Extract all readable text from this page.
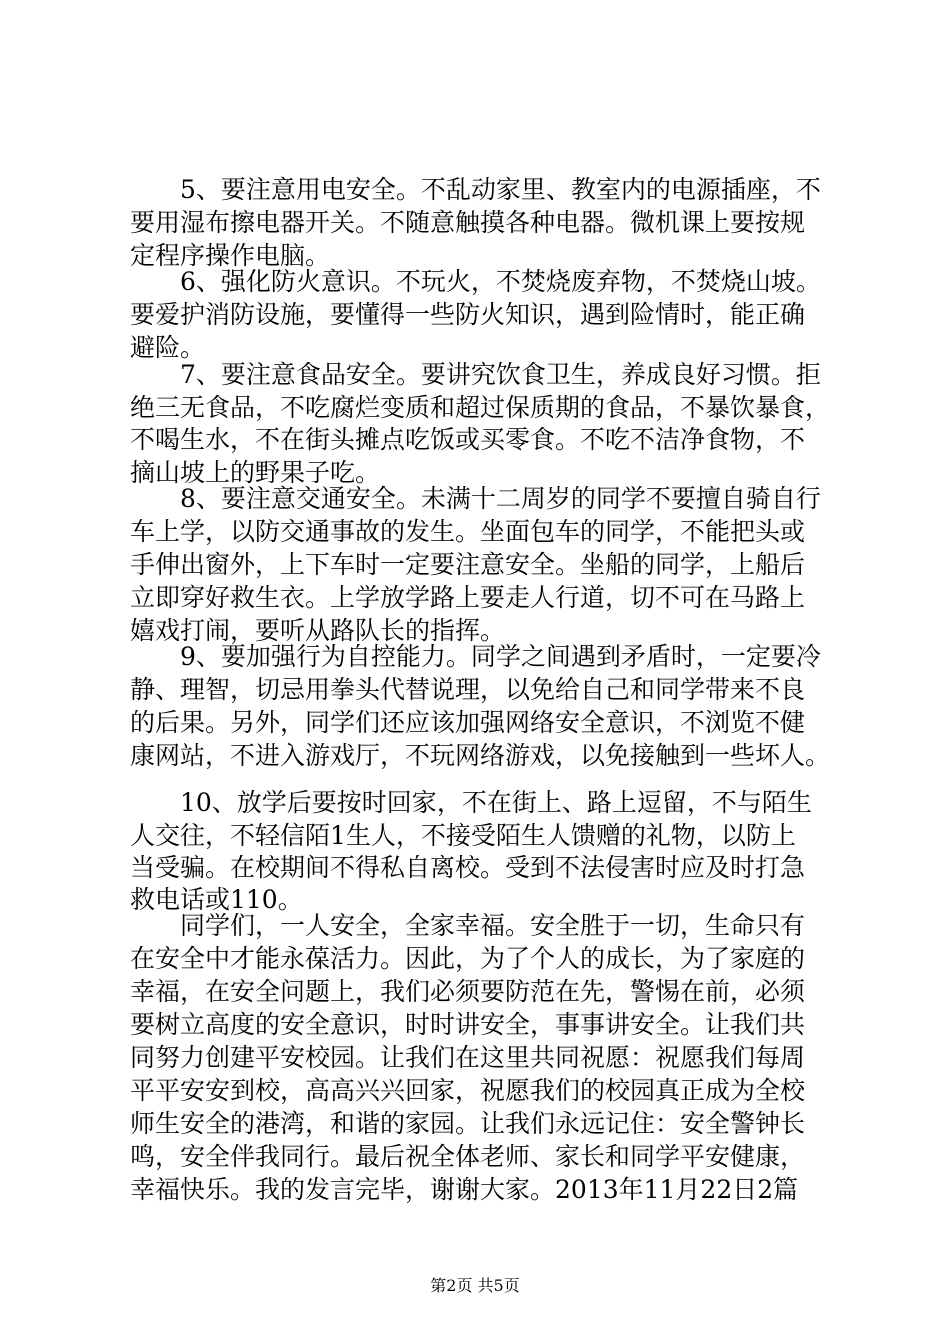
　　5、要注意用电安全。不乱动家里、教室内的电源插座，不
要用湿布擦电器开关。不随意触摸各种电器。微机课上要按规
定程序操作电脑。
　　6、强化防火意识。不玩火，不焚烧废弃物，不焚烧山坡。
要爱护消防设施，要懂得一些防火知识，遇到险情时，能正确
避险。
　　7、要注意食品安全。要讲究饮食卫生，养成良好习惯。拒
绝三无食品，不吃腐烂变质和超过保质期的食品，不暴饮暴食，
不喝生水，不在街头摊点吃饭或买零食。不吃不洁净食物，不
摘山坡上的野果子吃。
　　8、要注意交通安全。未满十二周岁的同学不要擅自骑自行
车上学，以防交通事故的发生。坐面包车的同学，不能把头或
手伸出窗外，上下车时一定要注意安全。坐船的同学，上船后
立即穿好救生衣。上学放学路上要走人行道，切不可在马路上
嬉戏打闹，要听从路队长的指挥。
　　9、要加强行为自控能力。同学之间遇到矛盾时，一定要冷
静、理智，切忌用拳头代替说理，以免给自己和同学带来不良
的后果。另外，同学们还应该加强网络安全意识，不浏览不健
康网站，不进入游戏厅，不玩网络游戏，以免接触到一些坏人。
　　10、放学后要按时回家，不在街上、路上逗留，不与陌生
人交往，不轻信陌1生人，不接受陌生人馈赠的礼物，以防上
当受骗。在校期间不得私自离校。受到不法侵害时应及时打急
救电话或110。
　　同学们，一人安全，全家幸福。安全胜于一切，生命只有
在安全中才能永葆活力。因此，为了个人的成长，为了家庭的
幸福，在安全问题上，我们必须要防范在先，警惕在前，必须
要树立高度的安全意识，时时讲安全，事事讲安全。让我们共
同努力创建平安校园。让我们在这里共同祝愿：祝愿我们每周
平平安安到校，高高兴兴回家，祝愿我们的校园真正成为全校
师生安全的港湾，和谐的家园。让我们永远记住：安全警钟长
鸣，安全伴我同行。最后祝全体老师、家长和同学平安健康，
幸福快乐。我的发言完毕，谢谢大家。2013年11月22日2篇
第2页 共5页
